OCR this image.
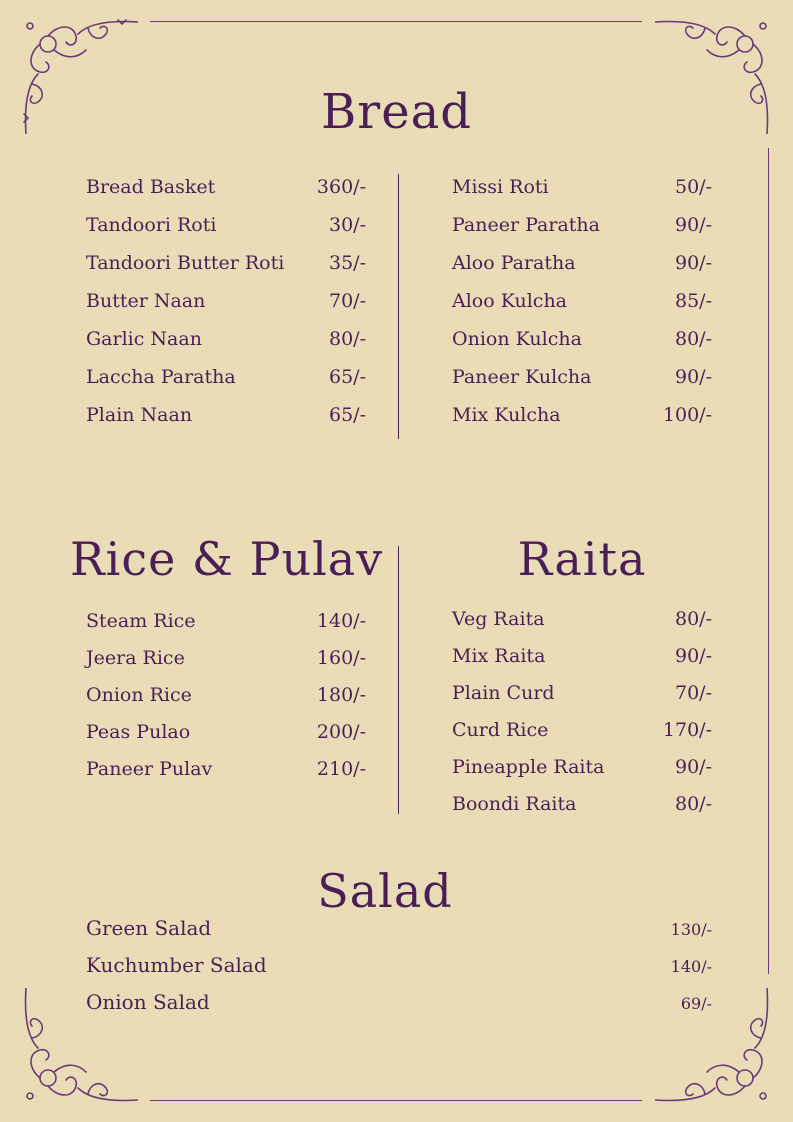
Bread
Bread Basket	360/-
Tandoori Roti	30/-
Tandoori Butter Roti 35/-
Butter Naan	70/-
Garlic Naan	80/-
Laccha Paratha	65/-
Plain Naan	65/-
Missi Roti	50/-
Paneer Paratha	90/-
Aloo Paratha	90/-
Aloo Kulcha	85/-
Onion Kulcha	80/-
Paneer Kulcha	90/-
Mix Kulcha	100/-
Rice & Pulav
Steam Rice	140/-
Jeera Rice	160/-
Onion Rice	180/-
Peas Pulao	200/-
Paneer Pulav	210/-
Raita
Veg Raita	80/-
Mix Raita	90/-
Plain Curd	70/-
Curd Rice	170/-
Pineapple Raita	90/-
Boondi Raita	80/-
Salad
Green Salad	130/-
Kuchumber Salad	140/-
Onion Salad	69/-
